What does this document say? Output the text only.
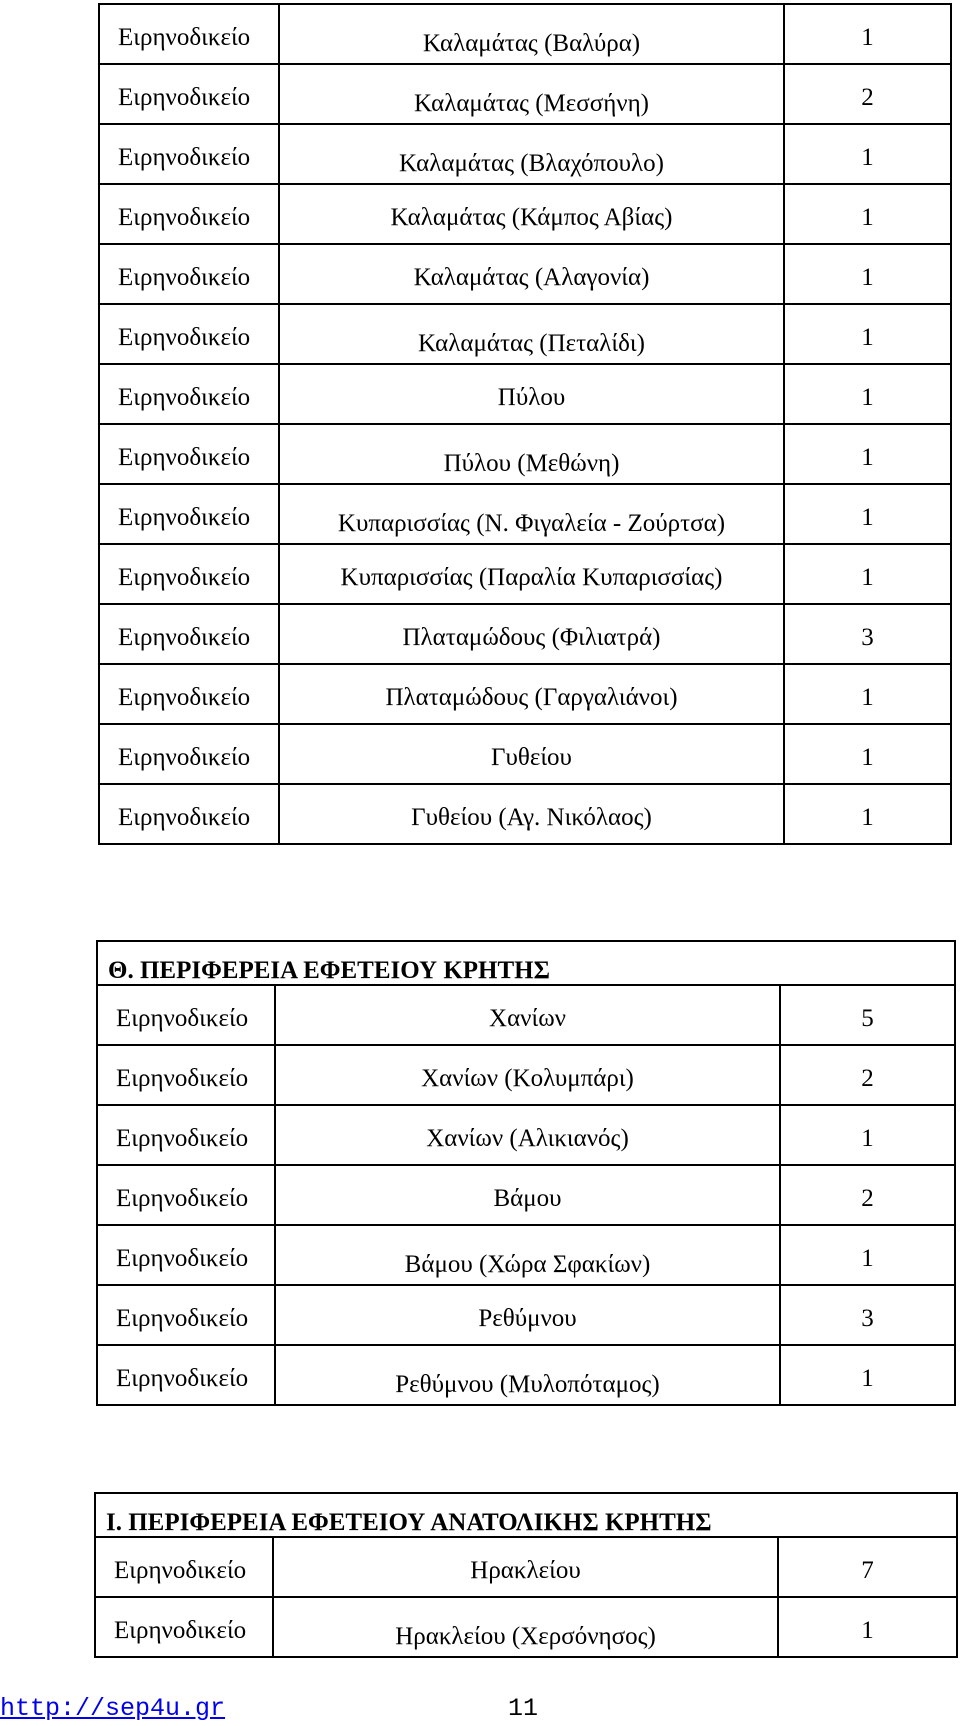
Ειρηνοδικείο	Καλαμάτας (Βαλύρα)	1
Ειρηνοδικείο	Καλαμάτας (Μεσσήνη)	2
Ειρηνοδικείο	Καλαμάτας (Βλαχόπουλο)	1
Ειρηνοδικείο	Καλαμάτας (Κάμπος Αβίας)	1
Ειρηνοδικείο	Καλαμάτας (Αλαγονία)	1
Ειρηνοδικείο	Καλαμάτας (Πεταλίδι)	1
Ειρηνοδικείο	Πύλου	1
Ειρηνοδικείο	Πύλου (Μεθώνη)	1
Ειρηνοδικείο	Κυπαρισσίας (Ν. Φιγαλεία - Ζούρτσα)	1
Ειρηνοδικείο	Κυπαρισσίας (Παραλία Κυπαρισσίας)	1
Ειρηνοδικείο	Πλαταμώδους (Φιλιατρά)	3
Ειρηνοδικείο	Πλαταμώδους (Γαργαλιάνοι)	1
Ειρηνοδικείο	Γυθείου	1
Ειρηνοδικείο	Γυθείου (Αγ. Νικόλαος)	1
Θ. ΠΕΡΙΦΕΡΕΙΑ ΕΦΕΤΕΙΟΥ ΚΡΗΤΗΣ		
Ειρηνοδικείο	Χανίων	5
Ειρηνοδικείο	Χανίων (Κολυμπάρι)	2
Ειρηνοδικείο	Χανίων (Αλικιανός)	1
Ειρηνοδικείο	Βάμου	2
Ειρηνοδικείο	Βάμου (Χώρα Σφακίων)	1
Ειρηνοδικείο	Ρεθύμνου	3
Ειρηνοδικείο	Ρεθύμνου (Μυλοπόταμος)	1
Ι. ΠΕΡΙΦΕΡΕΙΑ ΕΦΕΤΕΙΟΥ ΑΝΑΤΟΛΙΚΗΣ ΚΡΗΤΗΣ		
Ειρηνοδικείο	Ηρακλείου	7
Ειρηνοδικείο	Ηρακλείου (Χερσόνησος)	1
http://sep4u.gr	11
